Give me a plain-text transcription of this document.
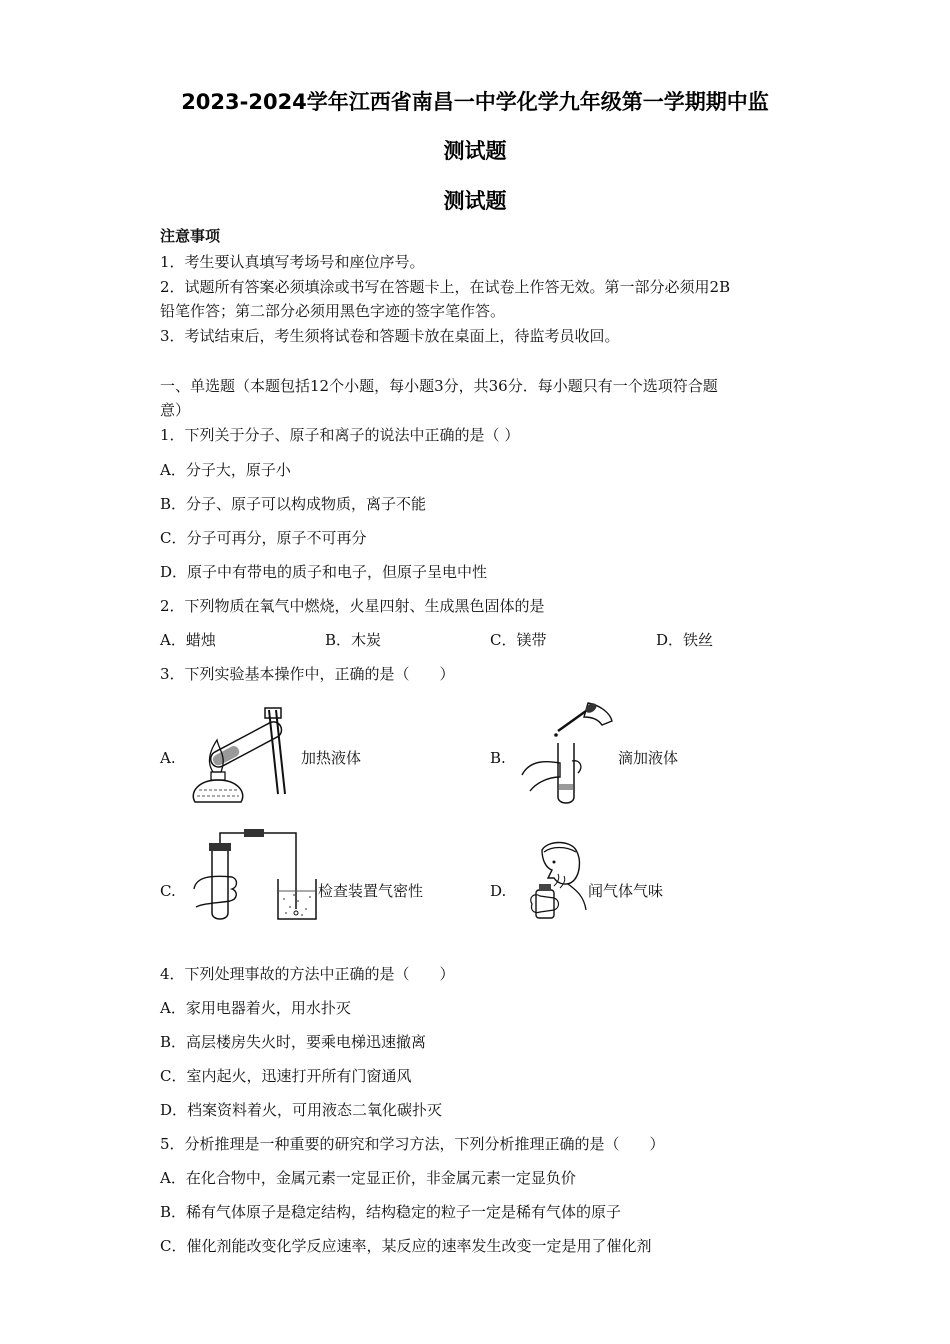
2023-2024学年江西省南昌一中学化学九年级第一学期期中监
测试题
测试题
注意事项
1．考生要认真填写考场号和座位序号。
2．试题所有答案必须填涂或书写在答题卡上，在试卷上作答无效。第一部分必须用2B
铅笔作答；第二部分必须用黑色字迹的签字笔作答。
3．考试结束后，考生须将试卷和答题卡放在桌面上，待监考员收回。
一、单选题（本题包括12个小题，每小题3分，共36分．每小题只有一个选项符合题
意）
1．下列关于分子、原子和离子的说法中正确的是（ ）
A．分子大，原子小
B．分子、原子可以构成物质，离子不能
C．分子可再分，原子不可再分
D．原子中有带电的质子和电子，但原子呈电中性
2．下列物质在氧气中燃烧，火星四射、生成黑色固体的是
A．蜡烛	B．木炭	C．镁带	D．铁丝
3．下列实验基本操作中，正确的是（　　）
A.	加热液体	B.	滴加液体
C.	检查装置气密性	D.	闻气体气味
4．下列处理事故的方法中正确的是（　　）
A．家用电器着火，用水扑灭
B．高层楼房失火时，要乘电梯迅速撤离
C．室内起火，迅速打开所有门窗通风
D．档案资料着火，可用液态二氧化碳扑灭
5．分析推理是一种重要的研究和学习方法，下列分析推理正确的是（　　）
A．在化合物中，金属元素一定显正价，非金属元素一定显负价
B．稀有气体原子是稳定结构，结构稳定的粒子一定是稀有气体的原子
C．催化剂能改变化学反应速率，某反应的速率发生改变一定是用了催化剂
